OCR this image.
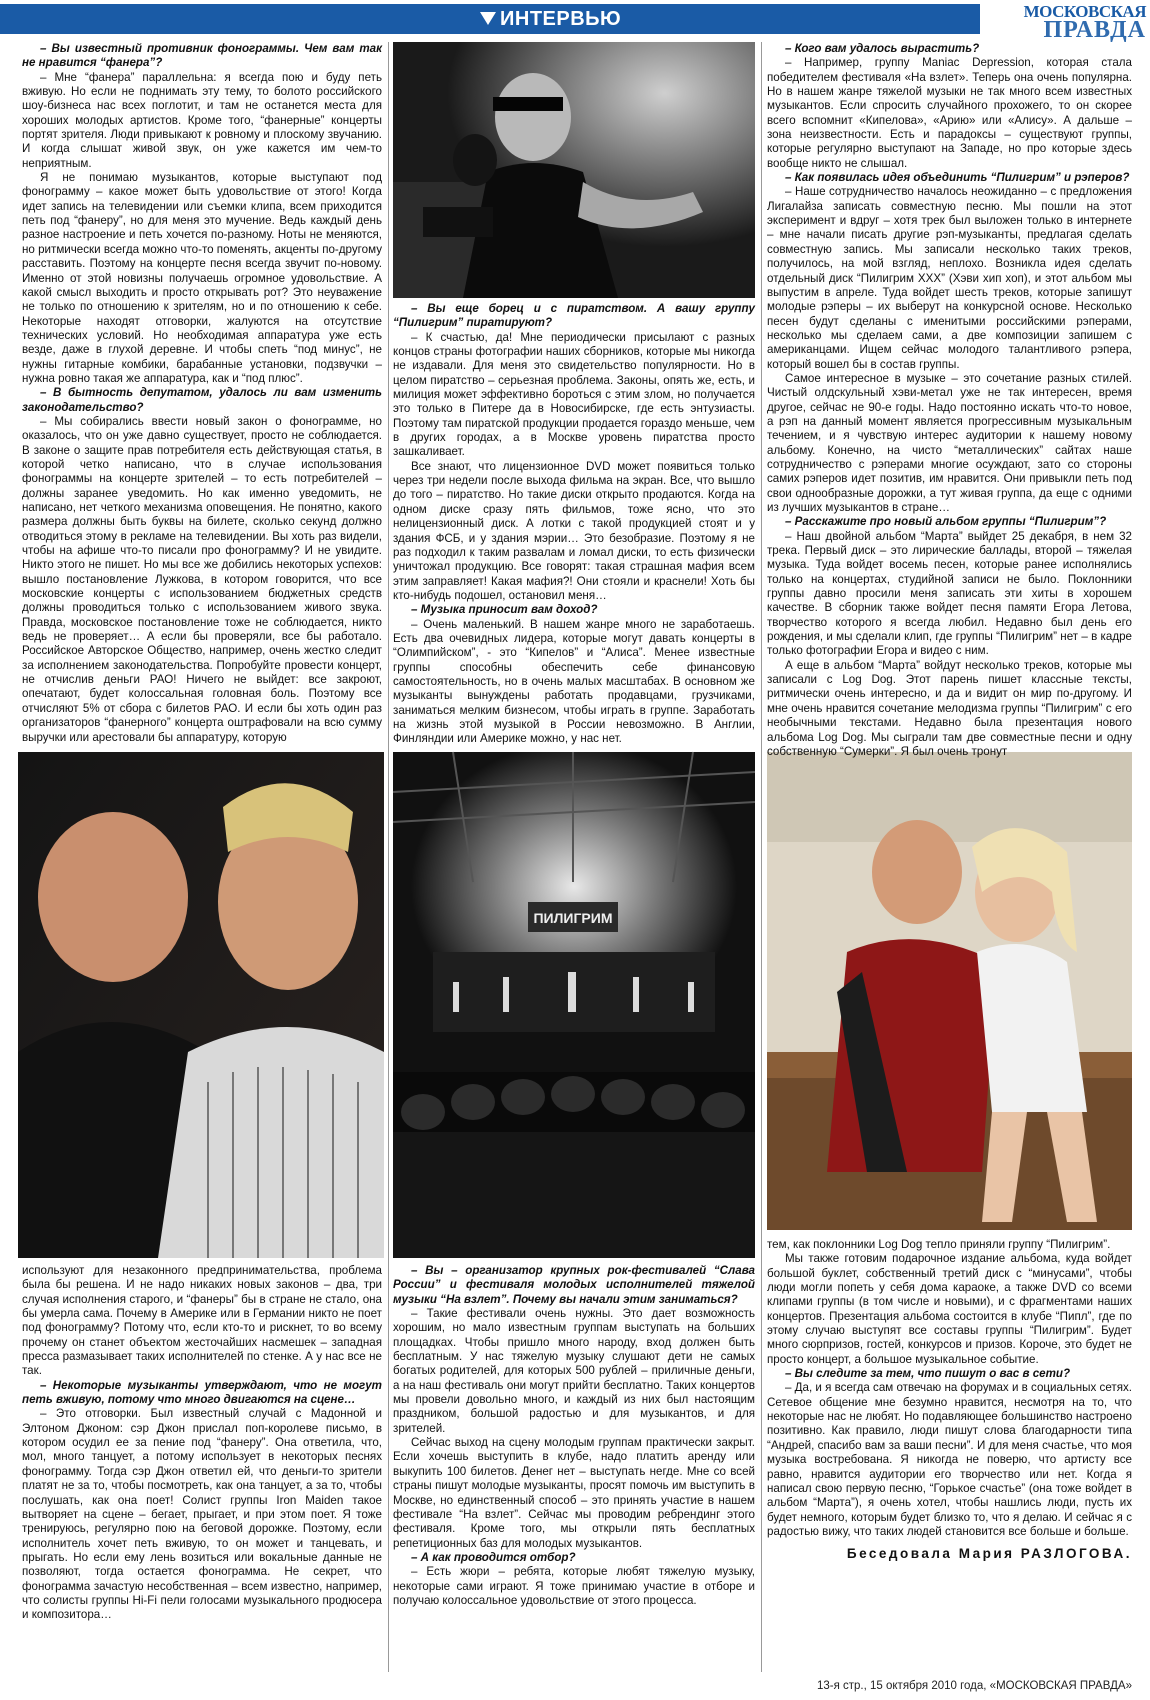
ИНТЕРВЬЮ	МОСКОВСКАЯ
ПРАВДА
ПИЛИГРИМ

– Вы известный противник фонограммы. Чем вам так не нравится “фанера”?

– Мне “фанера” параллельна: я всегда пою и буду петь вживую. Но если не поднимать эту тему, то болото российского шоу-бизнеса нас всех поглотит, и там не останется места для хороших молодых артистов. Кроме того, “фанерные” концерты портят зрителя. Люди привыкают к ровному и плоскому звучанию. И когда слышат живой звук, он уже кажется им чем-то неприятным.

Я не понимаю музыкантов, которые выступают под фонограмму – какое может быть удовольствие от этого! Когда идет запись на телевидении или съемки клипа, всем приходится петь под “фанеру”, но для меня это мучение. Ведь каждый день разное настроение и петь хочется по-разному. Ноты не меняются, но ритмически всегда можно что-то поменять, акценты по-другому расставить. Поэтому на концерте песня всегда звучит по-новому. Именно от этой новизны получаешь огромное удовольствие. А какой смысл выходить и просто открывать рот? Это неуважение не только по отношению к зрителям, но и по отношению к себе. Некоторые находят отговорки, жалуются на отсутствие технических условий. Но необходимая аппаратура уже есть везде, даже в глухой деревне. И чтобы спеть “под минус”, не нужны гитарные комбики, барабанные установки, подзвучки – нужна ровно такая же аппаратура, как и “под плюс”.

– В бытность депутатом, удалось ли вам изменить законодательство?

– Мы собирались ввести новый закон о фонограмме, но оказалось, что он уже давно существует, просто не соблюдается. В законе о защите прав потребителя есть действующая статья, в которой четко написано, что в случае использования фонограммы на концерте зрителей – то есть потребителей – должны заранее уведомить. Но как именно уведомить, не написано, нет четкого механизма оповещения. Не понятно, какого размера должны быть буквы на билете, сколько секунд должно отводиться этому в рекламе на телевидении. Вы хоть раз видели, чтобы на афише что-то писали про фонограмму? И не увидите. Никто этого не пишет. Но мы все же добились некоторых успехов: вышло постановление Лужкова, в котором говорится, что все московские концерты с использованием бюджетных средств должны проводиться только с использованием живого звука. Правда, московское постановление тоже не соблюдается, никто ведь не проверяет… А если бы проверяли, все бы работало. Российское Авторское Общество, например, очень жестко следит за исполнением законодательства. Попробуйте провести концерт, не отчислив деньги РАО! Ничего не выйдет: все закроют, опечатают, будет колоссальная головная боль. Поэтому все отчисляют 5% от сбора с билетов РАО. И если бы хоть один раз организаторов “фанерного” концерта оштрафовали на всю сумму выручки или арестовали бы аппаратуру, которую

– Вы еще борец и с пиратством. А вашу группу “Пилигрим” пиратируют?

– К счастью, да! Мне периодически присылают с разных концов страны фотографии наших сборников, которые мы никогда не издавали. Для меня это свидетельство популярности. Но в целом пиратство – серьезная проблема. Законы, опять же, есть, и милиция может эффективно бороться с этим злом, но получается это только в Питере да в Новосибирске, где есть энтузиасты. Поэтому там пиратской продукции продается гораздо меньше, чем в других городах, а в Москве уровень пиратства просто зашкаливает.

Все знают, что лицензионное DVD может появиться только через три недели после выхода фильма на экран. Все, что вышло до того – пиратство. Но такие диски открыто продаются. Когда на одном диске сразу пять фильмов, тоже ясно, что это нелицензионный диск. А лотки с такой продукцией стоят и у здания ФСБ, и у здания мэрии… Это безобразие. Поэтому я не раз подходил к таким развалам и ломал диски, то есть физически уничтожал продукцию. Все говорят: такая страшная мафия всем этим заправляет! Какая мафия?! Они стояли и краснели! Хоть бы кто-нибудь подошел, остановил меня…

– Музыка приносит вам доход?

– Очень маленький. В нашем жанре много не заработаешь. Есть два очевидных лидера, которые могут давать концерты в “Олимпийском”, - это “Кипелов” и “Алиса”. Менее известные группы способны обеспечить себе финансовую самостоятельность, но в очень малых масштабах. В основном же музыканты вынуждены работать продавцами, грузчиками, заниматься мелким бизнесом, чтобы играть в группе. Заработать на жизнь этой музыкой в России невозможно. В Англии, Финляндии или Америке можно, у нас нет.

– Кого вам удалось вырастить?

– Например, группу Maniac Depression, которая стала победителем фестиваля «На взлет». Теперь она очень популярна. Но в нашем жанре тяжелой музыки не так много всем известных музыкантов. Если спросить случайного прохожего, то он скорее всего вспомнит «Кипелова», «Арию» или «Алису». А дальше – зона неизвестности. Есть и парадоксы – существуют группы, которые регулярно выступают на Западе, но про которые здесь вообще никто не слышал.

– Как появилась идея объединить “Пилигрим” и рэперов?

– Наше сотрудничество началось неожиданно – с предложения Лигалайза записать совместную песню. Мы пошли на этот эксперимент и вдруг – хотя трек был выложен только в интернете – мне начали писать другие рэп-музыканты, предлагая сделать совместную запись. Мы записали несколько таких треков, получилось, на мой взгляд, неплохо. Возникла идея сделать отдельный диск “Пилигрим ХХХ” (Хэви хип хоп), и этот альбом мы выпустим в апреле. Туда войдет шесть треков, которые запишут молодые рэперы – их выберут на конкурсной основе. Несколько песен будут сделаны с именитыми российскими рэперами, несколько мы сделаем сами, а две композиции запишем с американцами. Ищем сейчас молодого талантливого рэпера, который вошел бы в состав группы.

Самое интересное в музыке – это сочетание разных стилей. Чистый олдскульный хэви-метал уже не так интересен, время другое, сейчас не 90-е годы. Надо постоянно искать что-то новое, а рэп на данный момент является прогрессивным музыкальным течением, и я чувствую интерес аудитории к нашему новому альбому. Конечно, на чисто “металлических” сайтах наше сотрудничество с рэперами многие осуждают, зато со стороны самих рэперов идет позитив, им нравится. Они привыкли петь под свои однообразные дорожки, а тут живая группа, да еще с одними из лучших музыкантов в стране…

– Расскажите про новый альбом группы “Пилигрим”?

– Наш двойной альбом “Марта” выйдет 25 декабря, в нем 32 трека. Первый диск – это лирические баллады, второй – тяжелая музыка. Туда войдет восемь песен, которые ранее исполнялись только на концертах, студийной записи не было. Поклонники группы давно просили меня записать эти хиты в хорошем качестве. В сборник также войдет песня памяти Егора Летова, творчество которого я всегда любил. Недавно был день его рождения, и мы сделали клип, где группы “Пилигрим” нет – в кадре только фотографии Егора и видео с ним.

А еще в альбом “Марта” войдут несколько треков, которые мы записали с Log Dog. Этот парень пишет классные тексты, ритмически очень интересно, и да и видит он мир по-другому. И мне очень нравится сочетание мелодизма группы “Пилигрим” с его необычными текстами. Недавно была презентация нового альбома Log Dog. Мы сыграли там две совместные песни и одну собственную “Сумерки”. Я был очень тронут

используют для незаконного предпринимательства, проблема была бы решена. И не надо никаких новых законов – два, три случая исполнения старого, и “фанеры” бы в стране не стало, она бы умерла сама. Почему в Америке или в Германии никто не поет под фонограмму? Потому что, если кто-то и рискнет, то во всему прочему он станет объектом жесточайших насмешек – западная пресса размазывает таких исполнителей по стенке. А у нас все не так.

– Некоторые музыканты утверждают, что не могут петь вживую, потому что много двигаются на сцене…

– Это отговорки. Был известный случай с Мадонной и Элтоном Джоном: сэр Джон прислал поп-королеве письмо, в котором осудил ее за пение под “фанеру”. Она ответила, что, мол, много танцует, а потому использует в некоторых песнях фонограмму. Тогда сэр Джон ответил ей, что деньги-то зрители платят не за то, чтобы посмотреть, как она танцует, а за то, чтобы послушать, как она поет! Солист группы Iron Maiden такое вытворяет на сцене – бегает, прыгает, и при этом поет. Я тоже тренируюсь, регулярно пою на беговой дорожке. Поэтому, если исполнитель хочет петь вживую, то он может и танцевать, и прыгать. Но если ему лень возиться или вокальные данные не позволяют, тогда остается фонограмма. Не секрет, что фонограмма зачастую несобственная – всем известно, например, что солисты группы Hi-Fi пели голосами музыкального продюсера и композитора…

– Вы – организатор крупных рок-фестивалей “Слава России” и фестиваля молодых исполнителей тяжелой музыки “На взлет”. Почему вы начали этим заниматься?

– Такие фестивали очень нужны. Это дает возможность хорошим, но мало известным группам выступать на больших площадках. Чтобы пришло много народу, вход должен быть бесплатным. У нас тяжелую музыку слушают дети не самых богатых родителей, для которых 500 рублей – приличные деньги, а на наш фестиваль они могут прийти бесплатно. Таких концертов мы провели довольно много, и каждый из них был настоящим праздником, большой радостью и для музыкантов, и для зрителей.

Сейчас выход на сцену молодым группам практически закрыт. Если хочешь выступить в клубе, надо платить аренду или выкупить 100 билетов. Денег нет – выступать негде. Мне со всей страны пишут молодые музыканты, просят помочь им выступить в Москве, но единственный способ – это принять участие в нашем фестивале “На взлет”. Сейчас мы проводим ребрендинг этого фестиваля. Кроме того, мы открыли пять бесплатных репетиционных баз для молодых музыкантов.

– А как проводится отбор?

– Есть жюри – ребята, которые любят тяжелую музыку, некоторые сами играют. Я тоже принимаю участие в отборе и получаю колоссальное удовольствие от этого процесса.

тем, как поклонники Log Dog тепло приняли группу “Пилигрим”.

Мы также готовим подарочное издание альбома, куда войдет большой буклет, собственный третий диск с “минусами”, чтобы люди могли попеть у себя дома караоке, а также DVD со всеми клипами группы (в том числе и новыми), и с фрагментами наших концертов. Презентация альбома состоится в клубе “Пипл”, где по этому случаю выступят все составы группы “Пилигрим”. Будет много сюрпризов, гостей, конкурсов и призов. Короче, это будет не просто концерт, а большое музыкальное событие.

– Вы следите за тем, что пишут о вас в сети?

– Да, и я всегда сам отвечаю на форумах и в социальных сетях. Сетевое общение мне безумно нравится, несмотря на то, что некоторые нас не любят. Но подавляющее большинство настроено позитивно. Как правило, люди пишут слова благодарности типа “Андрей, спасибо вам за ваши песни”. И для меня счастье, что моя музыка востребована. Я никогда не поверю, что артисту все равно, нравится аудитории его творчество или нет. Когда я написал свою первую песню, “Горькое счастье” (она тоже войдет в альбом “Марта”), я очень хотел, чтобы нашлись люди, пусть их будет немного, которым будет близко то, что я делаю. И сейчас я с радостью вижу, что таких людей становится все больше и больше.

Беседовала Мария РАЗЛОГОВА.

13-я стр., 15 октября 2010 года, «МОСКОВСКАЯ ПРАВДА»
